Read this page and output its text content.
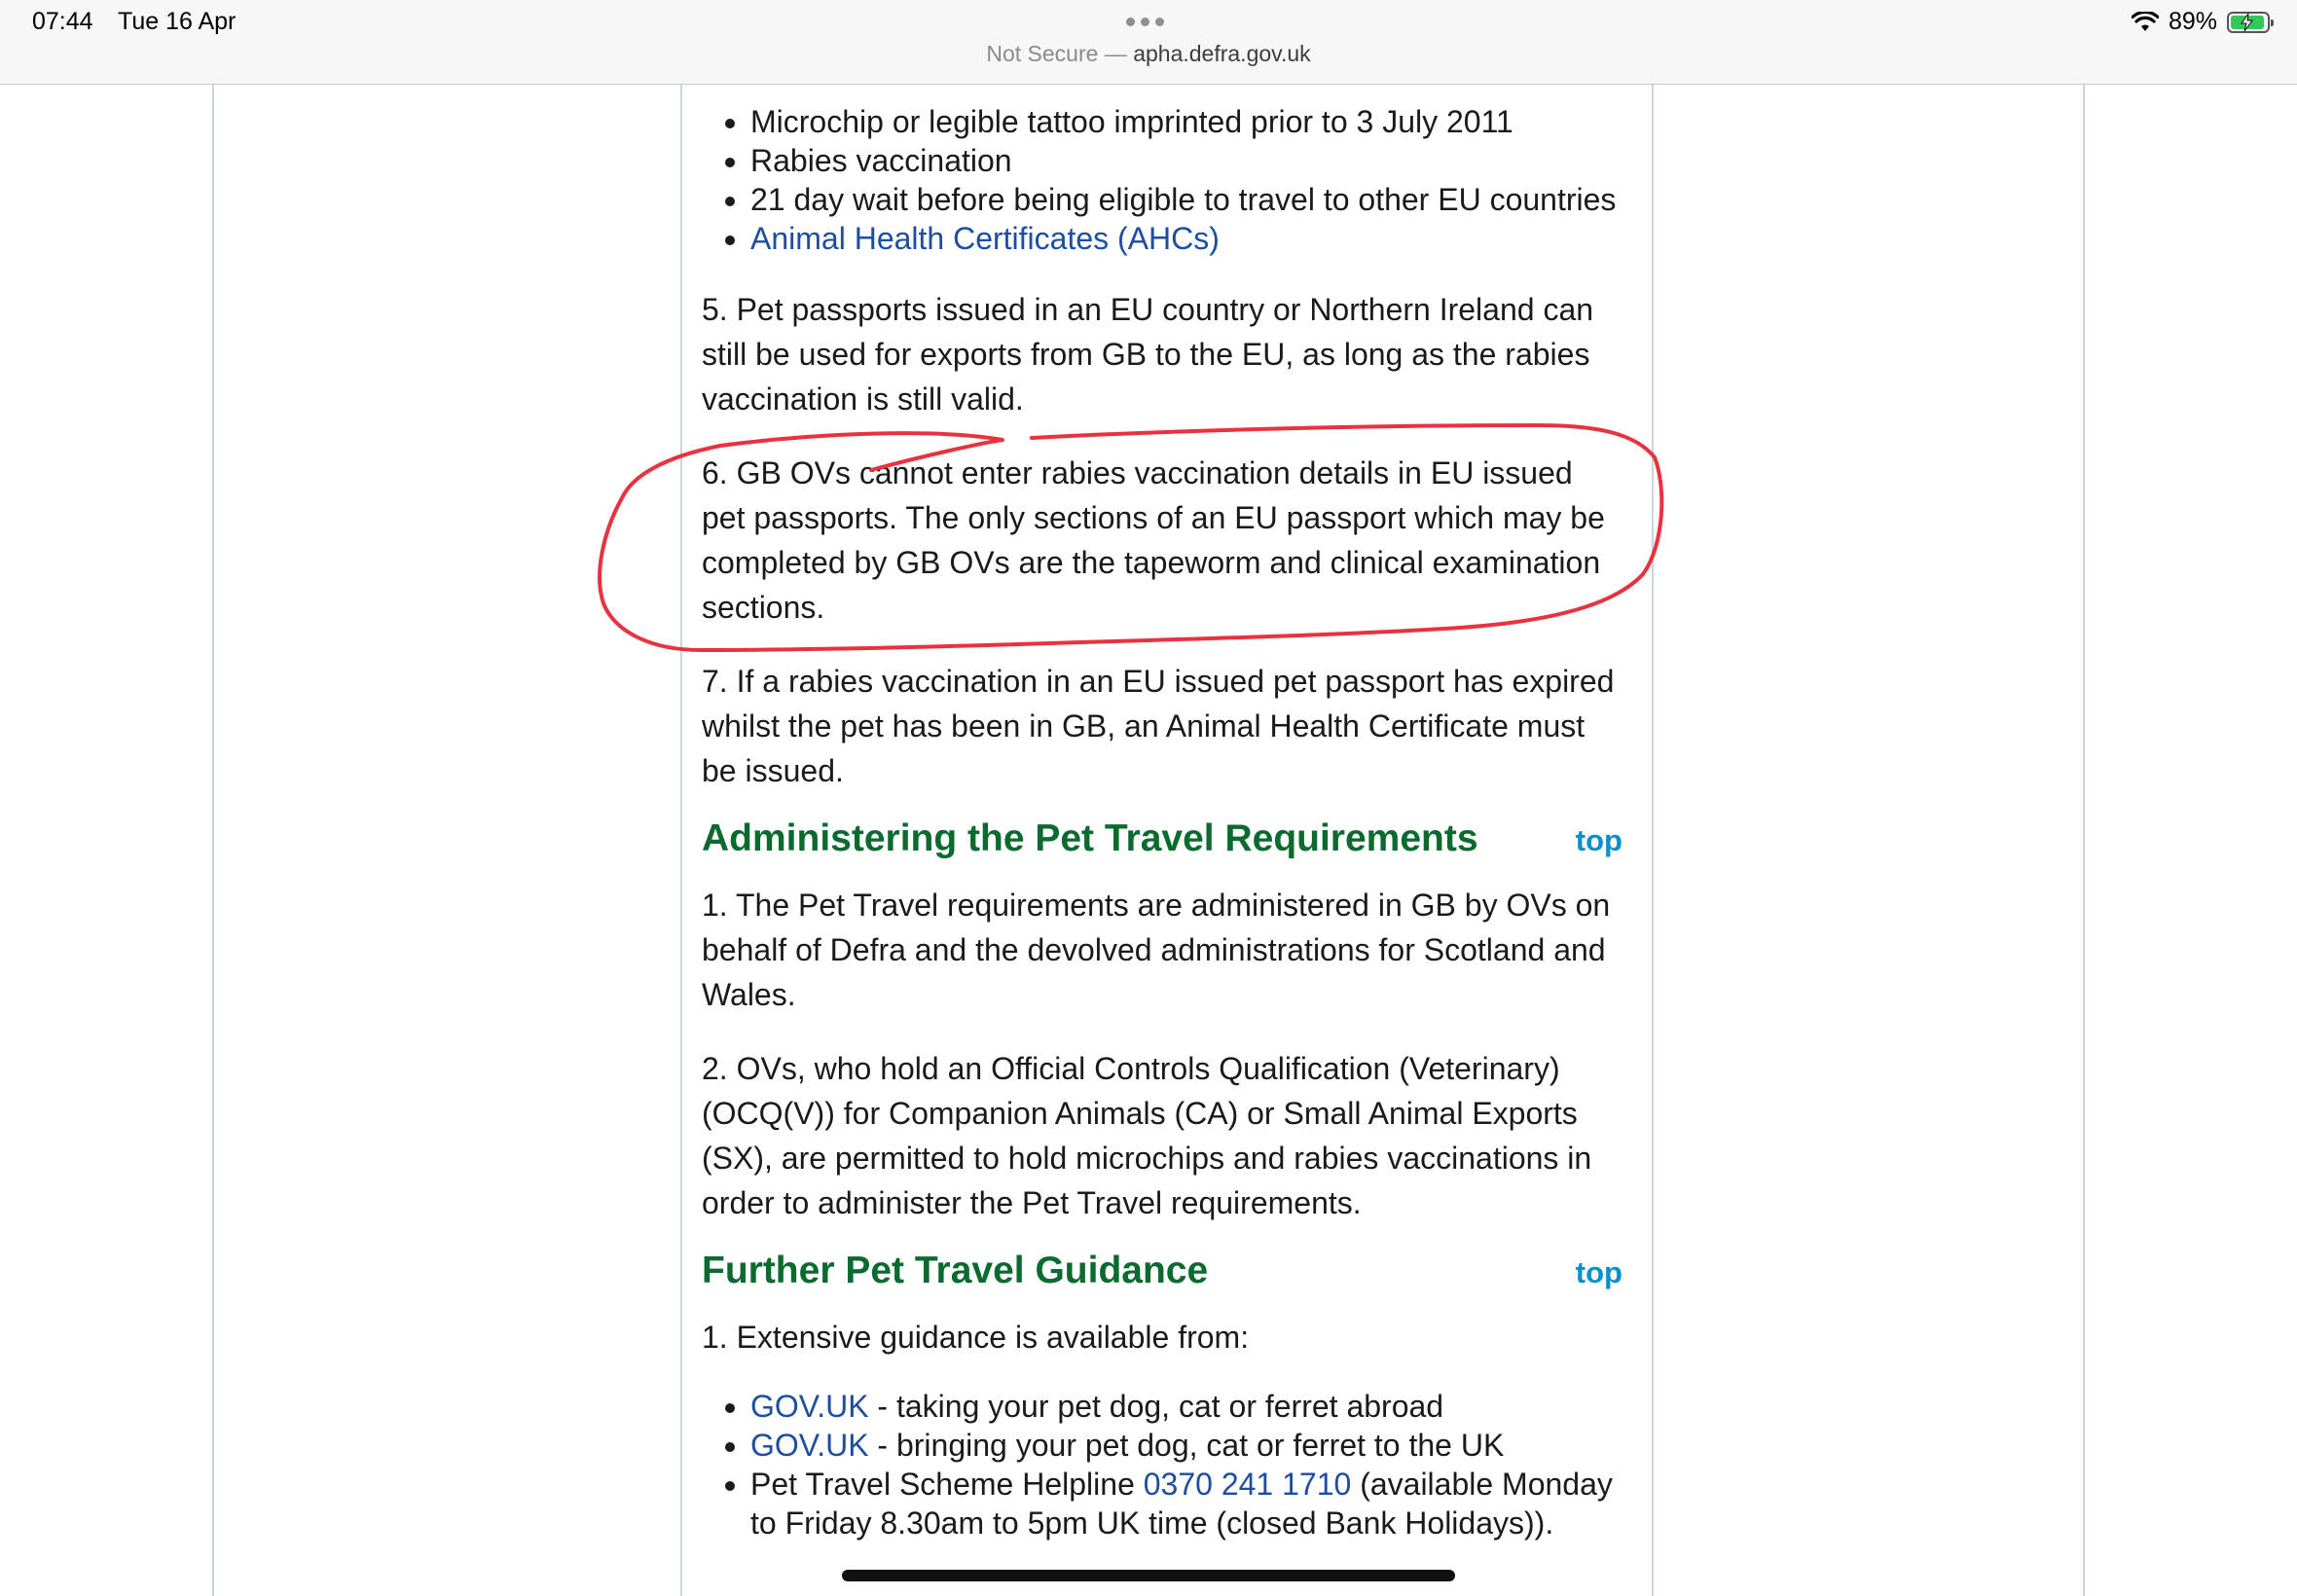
07:44 Tue 16 Apr
Not Secure — apha.defra.gov.uk
89%
• Microchip or legible tattoo imprinted prior to 3 July 2011
• Rabies vaccination
• 21 day wait before being eligible to travel to other EU countries
• Animal Health Certificates (AHCs)

5. Pet passports issued in an EU country or Northern Ireland can still be used for exports from GB to the EU, as long as the rabies vaccination is still valid.

6. GB OVs cannot enter rabies vaccination details in EU issued pet passports. The only sections of an EU passport which may be completed by GB OVs are the tapeworm and clinical examination sections.

7. If a rabies vaccination in an EU issued pet passport has expired whilst the pet has been in GB, an Animal Health Certificate must be issued.

Administering the Pet Travel Requirements	top

1. The Pet Travel requirements are administered in GB by OVs on behalf of Defra and the devolved administrations for Scotland and Wales.

2. OVs, who hold an Official Controls Qualification (Veterinary) (OCQ(V)) for Companion Animals (CA) or Small Animal Exports (SX), are permitted to hold microchips and rabies vaccinations in order to administer the Pet Travel requirements.

Further Pet Travel Guidance	top

1. Extensive guidance is available from:

• GOV.UK - taking your pet dog, cat or ferret abroad
• GOV.UK - bringing your pet dog, cat or ferret to the UK
• Pet Travel Scheme Helpline 0370 241 1710 (available Monday to Friday 8.30am to 5pm UK time (closed Bank Holidays)).
